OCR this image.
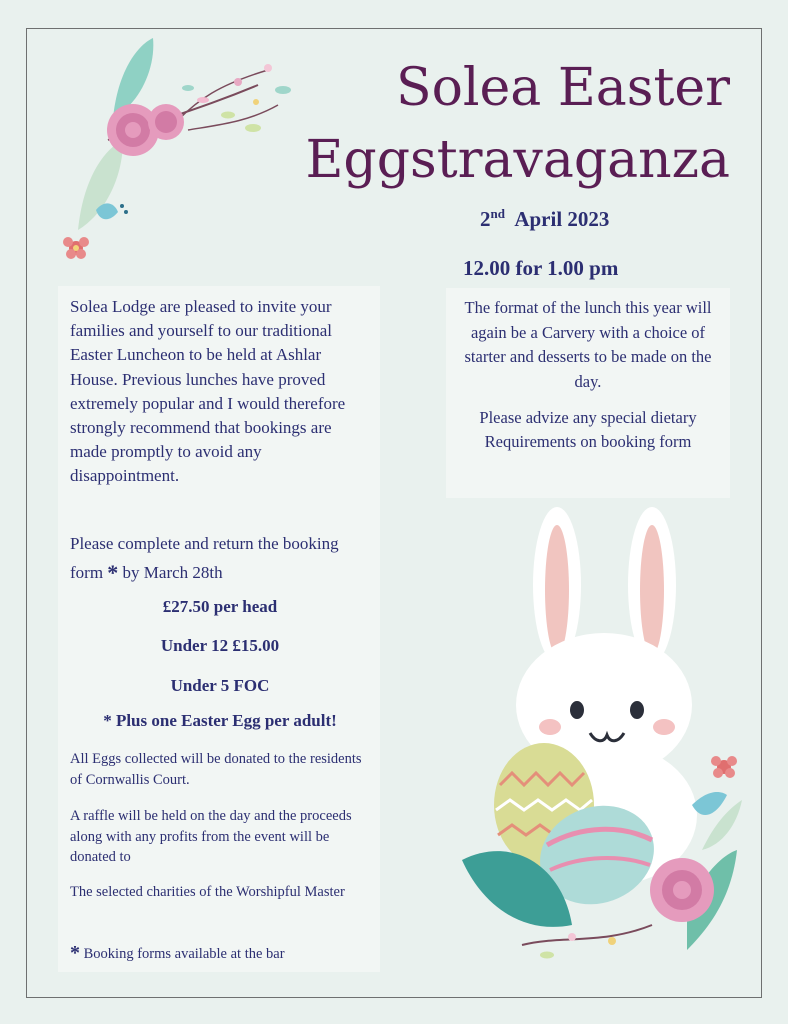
Solea Easter
Eggstravaganza
2nd April 2023
12.00 for 1.00 pm

Solea Lodge are pleased to invite your families and yourself to our traditional Easter Luncheon to be held at Ashlar House. Previous lunches have proved extremely popular and I would therefore strongly recommend that bookings are made promptly to avoid any disappointment.

Please complete and return the booking form * by March 28th

£27.50 per head
Under 12 £15.00
Under 5 FOC
* Plus one Easter Egg per adult!

All Eggs collected will be donated to the residents of Cornwallis Court.

A raffle will be held on the day and the proceeds along with any profits from the event will be donated to

The selected charities of the Worshipful Master

* Booking forms available at the bar

The format of the lunch this year will again be a Carvery with a choice of starter and desserts to be made on the day.

Please advize any special dietary Requirements on booking form
